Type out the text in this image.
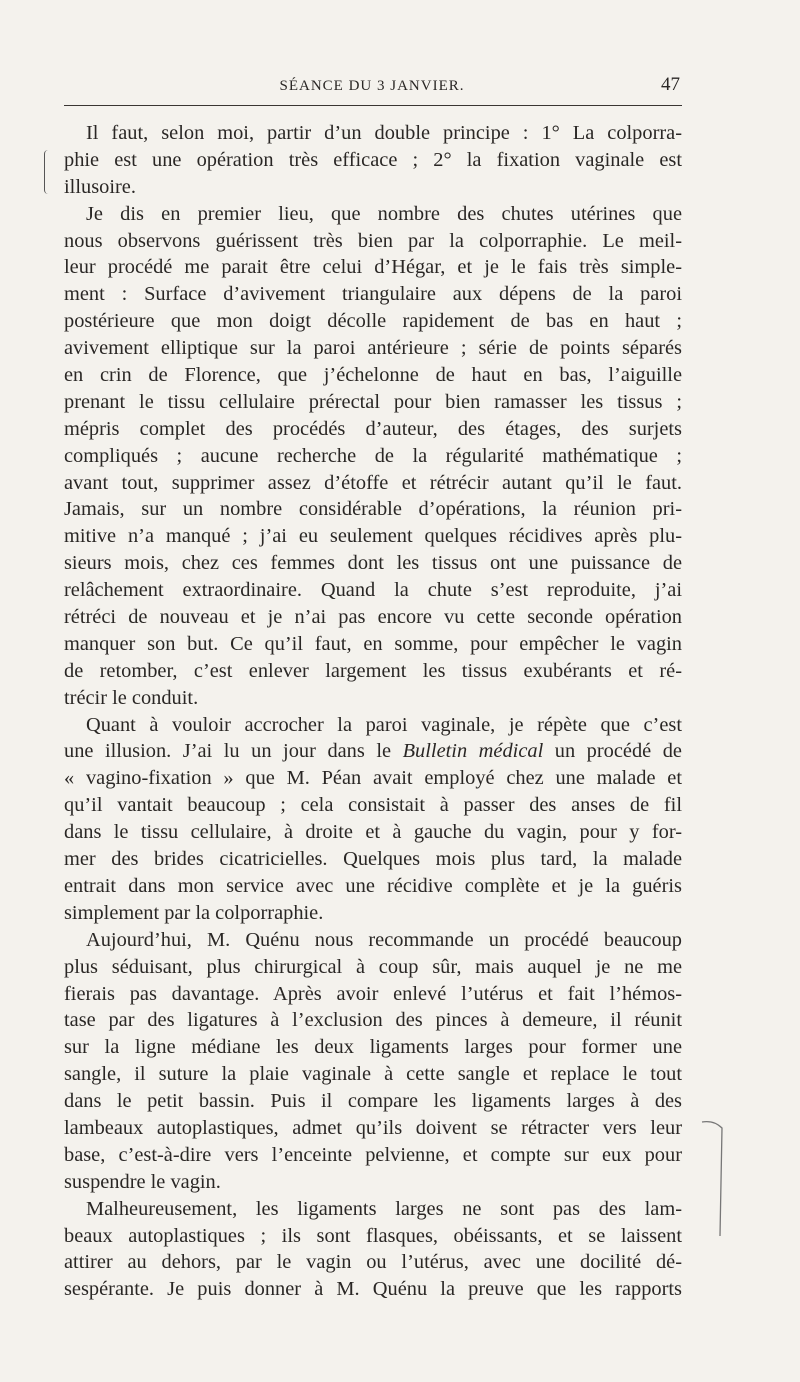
SÉANCE DU 3 JANVIER.	47
Il faut, selon moi, partir d’un double principe : 1° La colporra-
phie est une opération très efficace ; 2° la fixation vaginale est
illusoire.
Je dis en premier lieu, que nombre des chutes utérines que
nous observons guérissent très bien par la colporraphie. Le meil-
leur procédé me parait être celui d’Hégar, et je le fais très simple-
ment : Surface d’avivement triangulaire aux dépens de la paroi
postérieure que mon doigt décolle rapidement de bas en haut ;
avivement elliptique sur la paroi antérieure ; série de points séparés
en crin de Florence, que j’échelonne de haut en bas, l’aiguille
prenant le tissu cellulaire prérectal pour bien ramasser les tissus ;
mépris complet des procédés d’auteur, des étages, des surjets
compliqués ; aucune recherche de la régularité mathématique ;
avant tout, supprimer assez d’étoffe et rétrécir autant qu’il le faut.
Jamais, sur un nombre considérable d’opérations, la réunion pri-
mitive n’a manqué ; j’ai eu seulement quelques récidives après plu-
sieurs mois, chez ces femmes dont les tissus ont une puissance de
relâchement extraordinaire. Quand la chute s’est reproduite, j’ai
rétréci de nouveau et je n’ai pas encore vu cette seconde opération
manquer son but. Ce qu’il faut, en somme, pour empêcher le vagin
de retomber, c’est enlever largement les tissus exubérants et ré-
trécir le conduit.
Quant à vouloir accrocher la paroi vaginale, je répète que c’est
une illusion. J’ai lu un jour dans le Bulletin médical un procédé de
« vagino-fixation » que M. Péan avait employé chez une malade et
qu’il vantait beaucoup ; cela consistait à passer des anses de fil
dans le tissu cellulaire, à droite et à gauche du vagin, pour y for-
mer des brides cicatricielles. Quelques mois plus tard, la malade
entrait dans mon service avec une récidive complète et je la guéris
simplement par la colporraphie.
Aujourd’hui, M. Quénu nous recommande un procédé beaucoup
plus séduisant, plus chirurgical à coup sûr, mais auquel je ne me
fierais pas davantage. Après avoir enlevé l’utérus et fait l’hémos-
tase par des ligatures à l’exclusion des pinces à demeure, il réunit
sur la ligne médiane les deux ligaments larges pour former une
sangle, il suture la plaie vaginale à cette sangle et replace le tout
dans le petit bassin. Puis il compare les ligaments larges à des
lambeaux autoplastiques, admet qu’ils doivent se rétracter vers leur
base, c’est-à-dire vers l’enceinte pelvienne, et compte sur eux pour
suspendre le vagin.
Malheureusement, les ligaments larges ne sont pas des lam-
beaux autoplastiques ; ils sont flasques, obéissants, et se laissent
attirer au dehors, par le vagin ou l’utérus, avec une docilité dé-
sespérante. Je puis donner à M. Quénu la preuve que les rapports
